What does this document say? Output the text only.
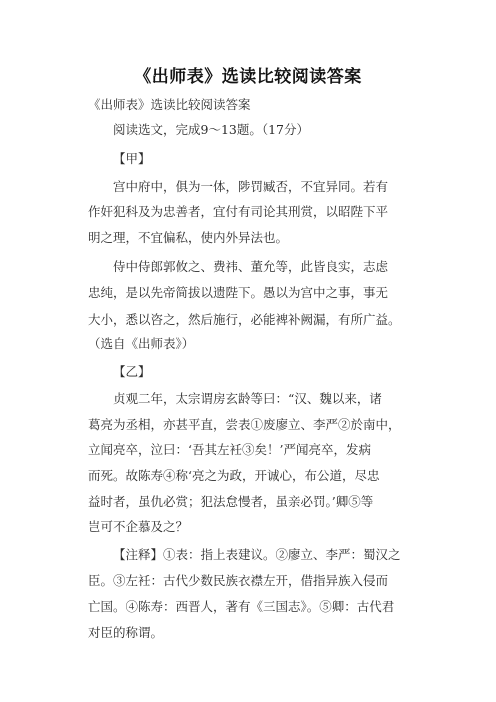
《出师表》选读比较阅读答案
《出师表》选读比较阅读答案
阅读选文，完成9～13题。（17分）
【甲】
宫中府中，俱为一体，陟罚臧否，不宜异同。若有
作奸犯科及为忠善者，宜付有司论其刑赏，以昭陛下平
明之理，不宜偏私，使内外异法也。
侍中侍郎郭攸之、费祎、董允等，此皆良实，志虑
忠纯，是以先帝简拔以遗陛下。愚以为宫中之事，事无
大小，悉以咨之，然后施行，必能裨补阙漏，有所广益。
（选自《出师表》）
【乙】
贞观二年，太宗谓房玄龄等曰：“汉、魏以来，诸
葛亮为丞相，亦甚平直，尝表①废廖立、李严②於南中，
立闻亮卒，泣曰：‘吾其左衽③矣！’严闻亮卒，发病
而死。故陈寿④称‘亮之为政，开诚心，布公道，尽忠
益时者，虽仇必赏；犯法怠慢者，虽亲必罚。’卿⑤等
岂可不企慕及之？
【注释】①表：指上表建议。②廖立、李严：蜀汉之
臣。③左衽：古代少数民族衣襟左开，借指异族入侵而
亡国。④陈寿：西晋人，著有《三国志》。⑤卿：古代君
对臣的称谓。
